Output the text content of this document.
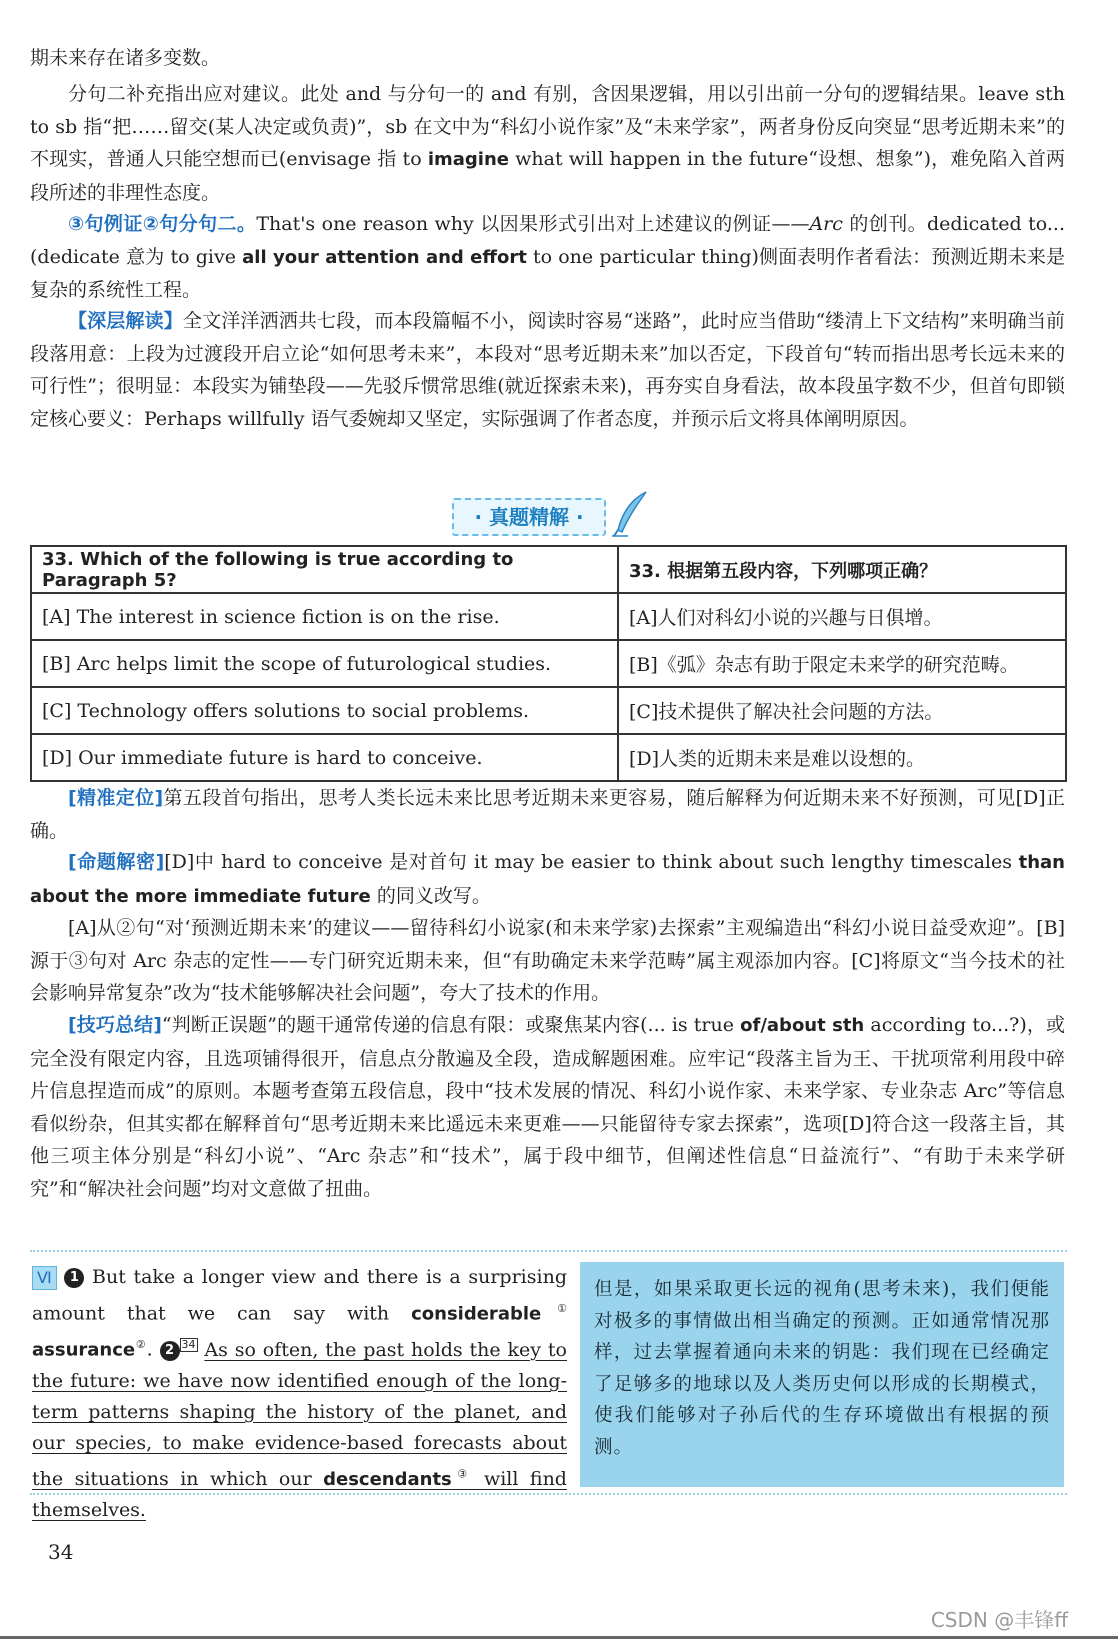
期未来存在诸多变数。

分句二补充指出应对建议。此处 and 与分句一的 and 有别，含因果逻辑，用以引出前一分句的逻辑结果。leave sth to sb 指“把……留交(某人决定或负责)”，sb 在文中为“科幻小说作家”及“未来学家”，两者身份反向突显“思考近期未来”的不现实，普通人只能空想而已(envisage 指 to imagine what will happen in the future“设想、想象”)，难免陷入首两段所述的非理性态度。

③句例证②句分句二。That's one reason why 以因果形式引出对上述建议的例证——Arc 的创刊。dedicated to...(dedicate 意为 to give all your attention and effort to one particular thing)侧面表明作者看法：预测近期未来是复杂的系统性工程。

【深层解读】全文洋洋洒洒共七段，而本段篇幅不小，阅读时容易“迷路”，此时应当借助“缕清上下文结构”来明确当前段落用意：上段为过渡段开启立论“如何思考未来”，本段对“思考近期未来”加以否定，下段首句“转而指出思考长远未来的可行性”；很明显：本段实为铺垫段——先驳斥惯常思维(就近探索未来)，再夯实自身看法，故本段虽字数不少，但首句即锁定核心要义：Perhaps willfully 语气委婉却又坚定，实际强调了作者态度，并预示后文将具体阐明原因。

· 真题精解 ·
33. Which of the following is true according to Paragraph 5?	33. 根据第五段内容，下列哪项正确？
[A] The interest in science fiction is on the rise.	[A]人们对科幻小说的兴趣与日俱增。
[B] Arc helps limit the scope of futurological studies.	[B]《弧》杂志有助于限定未来学的研究范畴。
[C] Technology offers solutions to social problems.	[C]技术提供了解决社会问题的方法。
[D] Our immediate future is hard to conceive.	[D]人类的近期未来是难以设想的。

[精准定位]第五段首句指出，思考人类长远未来比思考近期未来更容易，随后解释为何近期未来不好预测，可见[D]正确。

[命题解密][D]中 hard to conceive 是对首句 it may be easier to think about such lengthy timescales than about the more immediate future 的同义改写。

[A]从②句“对‘预测近期未来’的建议——留待科幻小说家(和未来学家)去探索”主观编造出“科幻小说日益受欢迎”。[B]源于③句对 Arc 杂志的定性——专门研究近期未来，但“有助确定未来学范畴”属主观添加内容。[C]将原文“当今技术的社会影响异常复杂”改为“技术能够解决社会问题”，夸大了技术的作用。

[技巧总结]“判断正误题”的题干通常传递的信息有限：或聚焦某内容(... is true of/about sth according to...?)，或完全没有限定内容，且选项铺得很开，信息点分散遍及全段，造成解题困难。应牢记“段落主旨为王、干扰项常利用段中碎片信息捏造而成”的原则。本题考查第五段信息，段中“技术发展的情况、科幻小说作家、未来学家、专业杂志 Arc”等信息看似纷杂，但其实都在解释首句“思考近期未来比遥远未来更难——只能留待专家去探索”，选项[D]符合这一段落主旨，其他三项主体分别是“科幻小说”、“Arc 杂志”和“技术”，属于段中细节，但阐述性信息“日益流行”、“有助于未来学研究”和“解决社会问题”均对文意做了扭曲。

Ⅵ 1 But take a longer view and there is a surprising amount that we can say with considerable① assurance②. 2 34 As so often, the past holds the key to the future: we have now identified enough of the long-term patterns shaping the history of the planet, and our species, to make evidence-based forecasts about the situations in which our descendants③ will find themselves.

但是，如果采取更长远的视角(思考未来)，我们便能对极多的事情做出相当确定的预测。正如通常情况那样，过去掌握着通向未来的钥匙：我们现在已经确定了足够多的地球以及人类历史何以形成的长期模式，使我们能够对子孙后代的生存环境做出有根据的预测。

34
CSDN @丰锋ff
